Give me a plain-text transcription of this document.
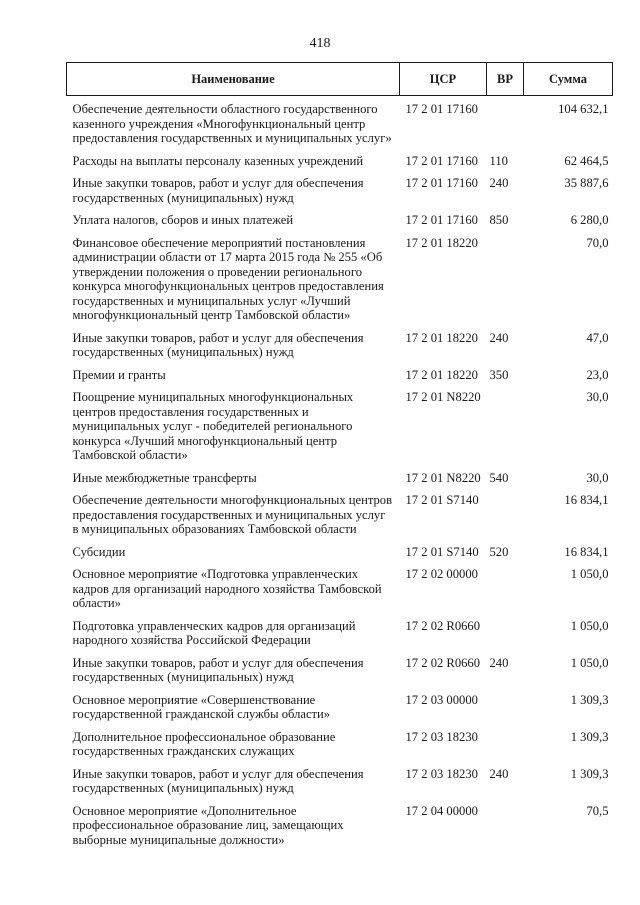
418
Наименование	ЦСР	ВР	Сумма
Обеспечение деятельности областного государственного казенного учреждения «Многофункциональный центр предоставления государственных и муниципальных услуг»	17 2 01 17160		104 632,1
Расходы на выплаты персоналу казенных учреждений	17 2 01 17160	110	62 464,5
Иные закупки товаров, работ и услуг для обеспечения государственных (муниципальных) нужд	17 2 01 17160	240	35 887,6
Уплата налогов, сборов и иных платежей	17 2 01 17160	850	6 280,0
Финансовое обеспечение мероприятий постановления администрации области от 17 марта 2015 года № 255 «Об утверждении положения о проведении регионального конкурса многофункциональных центров предоставления государственных и муниципальных услуг «Лучший многофункциональный центр Тамбовской области»	17 2 01 18220		70,0
Иные закупки товаров, работ и услуг для обеспечения государственных (муниципальных) нужд	17 2 01 18220	240	47,0
Премии и гранты	17 2 01 18220	350	23,0
Поощрение муниципальных многофункциональных центров предоставления государственных и муниципальных услуг - победителей регионального конкурса «Лучший многофункциональный центр Тамбовской области»	17 2 01 N8220		30,0
Иные межбюджетные трансферты	17 2 01 N8220	540	30,0
Обеспечение деятельности многофункциональных центров предоставления государственных и муниципальных услуг в муниципальных образованиях Тамбовской области	17 2 01 S7140		16 834,1
Субсидии	17 2 01 S7140	520	16 834,1
Основное мероприятие «Подготовка управленческих кадров для организаций народного хозяйства Тамбовской области»	17 2 02 00000		1 050,0
Подготовка управленческих кадров для организаций народного хозяйства Российской Федерации	17 2 02 R0660		1 050,0
Иные закупки товаров, работ и услуг для обеспечения государственных (муниципальных) нужд	17 2 02 R0660	240	1 050,0
Основное мероприятие «Совершенствование государственной гражданской службы области»	17 2 03 00000		1 309,3
Дополнительное профессиональное образование государственных гражданских служащих	17 2 03 18230		1 309,3
Иные закупки товаров, работ и услуг для обеспечения государственных (муниципальных) нужд	17 2 03 18230	240	1 309,3
Основное мероприятие «Дополнительное профессиональное образование лиц, замещающих выборные муниципальные должности»	17 2 04 00000		70,5
